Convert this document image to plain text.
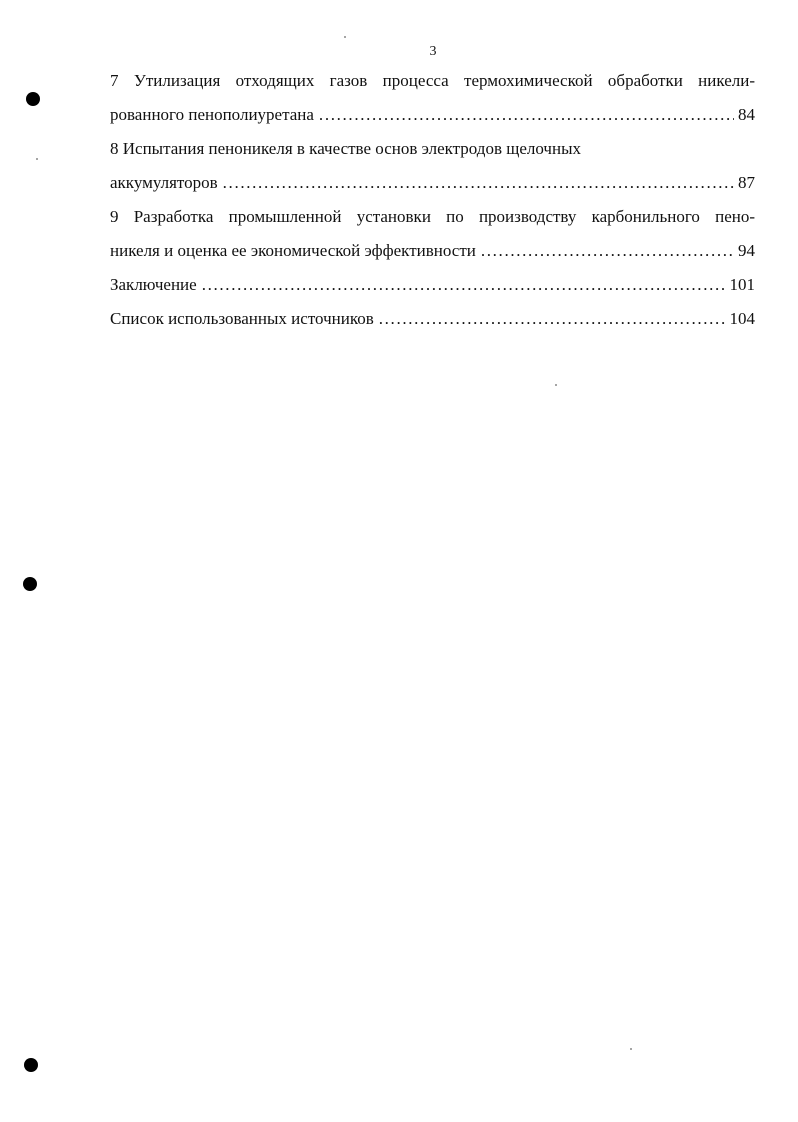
3
7 Утилизация отходящих газов процесса термохимической обработки никели-
рованного пенополиуретана . . .	84
8 Испытания пеноникеля в качестве основ электродов щелочных
аккумуляторов . . .	87
9 Разработка промышленной установки по производству карбонильного пено-
никеля и оценка ее экономической эффективности . . .	94
Заключение . . .	101
Список использованных источников . . .	104
